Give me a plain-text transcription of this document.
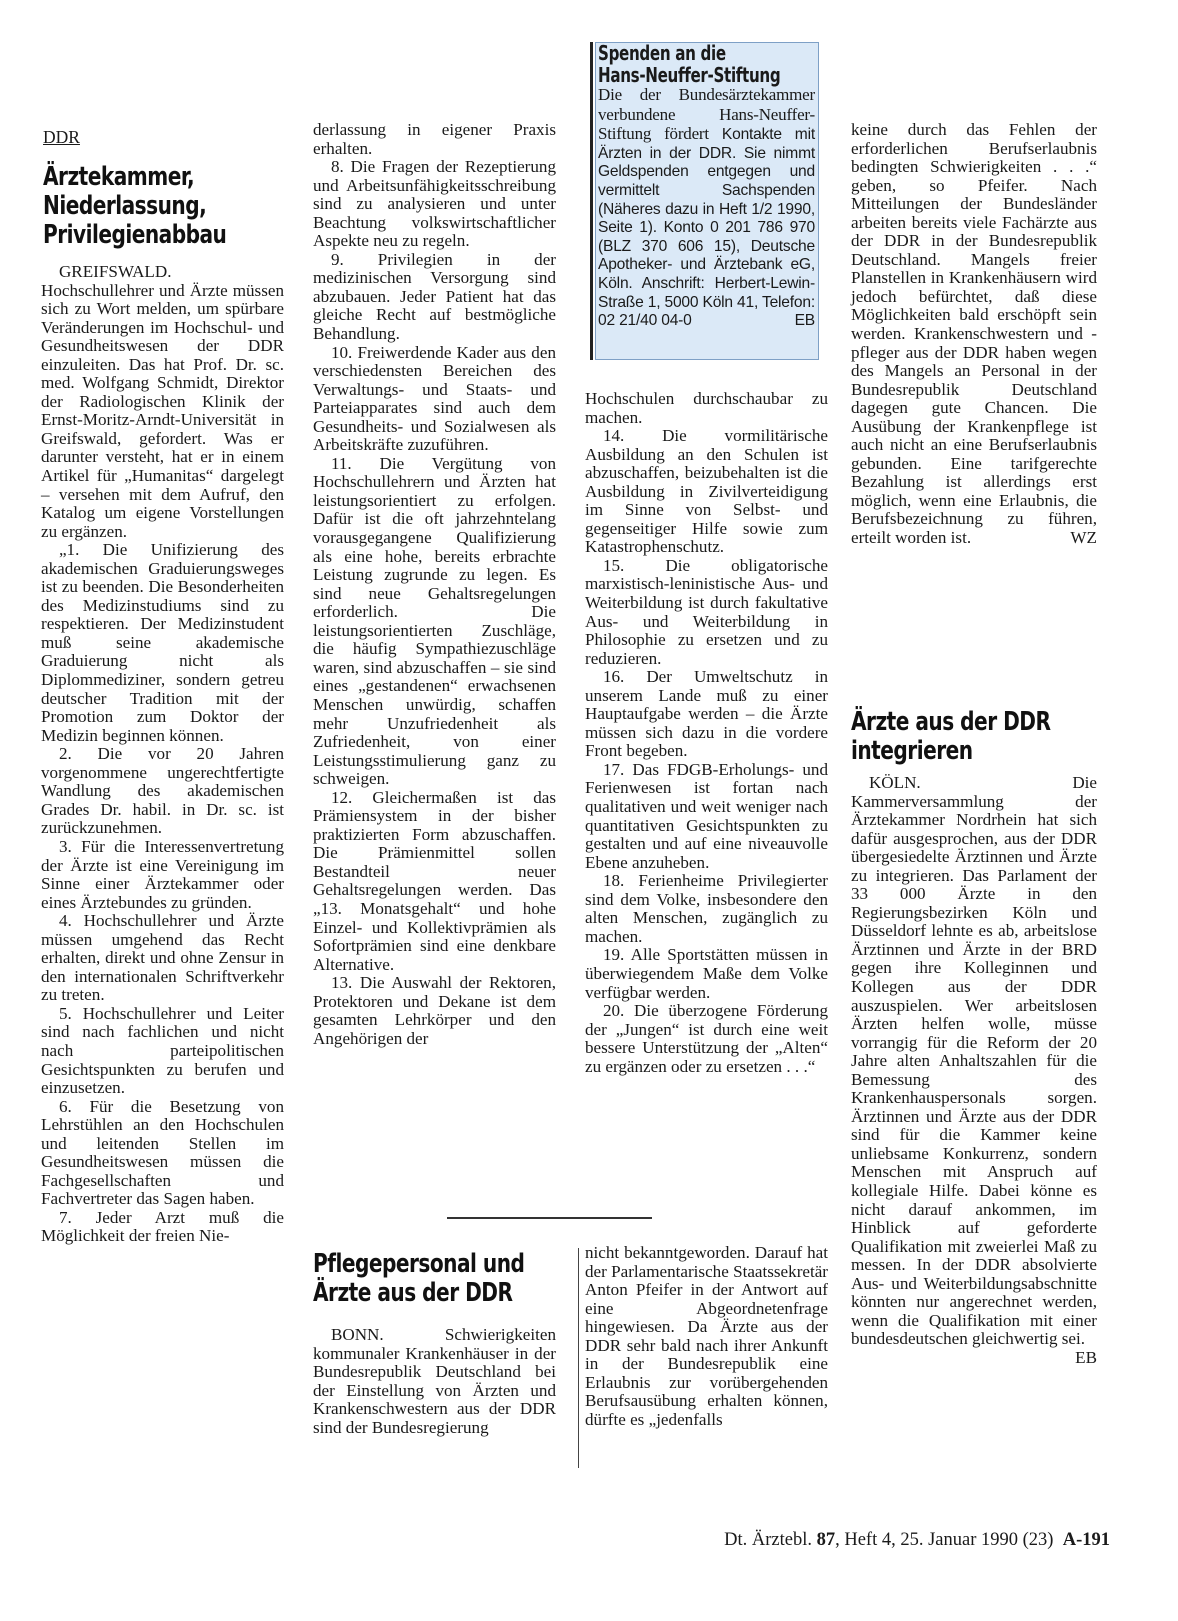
DDR
Ärztekammer,
Niederlassung,
Privilegienabbau

GREIFSWALD. Hochschullehrer und Ärzte müssen sich zu Wort melden, um spürbare Veränderungen im Hochschul- und Gesundheitswesen der DDR einzuleiten. Das hat Prof. Dr. sc. med. Wolfgang Schmidt, Direktor der Radiologischen Klinik der Ernst-Moritz-Arndt-Universität in Greifswald, gefordert. Was er darunter versteht, hat er in einem Artikel für „Humanitas“ dargelegt – versehen mit dem Aufruf, den Katalog um eigene Vorstellungen zu ergänzen.

„1. Die Unifizierung des akademischen Graduierungsweges ist zu beenden. Die Besonderheiten des Medizinstudiums sind zu respektieren. Der Medizinstudent muß seine akademische Graduierung nicht als Diplommediziner, sondern getreu deutscher Tradition mit der Promotion zum Doktor der Medizin beginnen können.

2. Die vor 20 Jahren vorgenommene ungerechtfertigte Wandlung des akademischen Grades Dr. habil. in Dr. sc. ist zurückzunehmen.

3. Für die Interessenvertretung der Ärzte ist eine Vereinigung im Sinne einer Ärztekammer oder eines Ärztebundes zu gründen.

4. Hochschullehrer und Ärzte müssen umgehend das Recht erhalten, direkt und ohne Zensur in den internationalen Schriftverkehr zu treten.

5. Hochschullehrer und Leiter sind nach fachlichen und nicht nach parteipolitischen Gesichtspunkten zu berufen und einzusetzen.

6. Für die Besetzung von Lehrstühlen an den Hochschulen und leitenden Stellen im Gesundheitswesen müssen die Fachgesellschaften und Fachvertreter das Sagen haben.

7. Jeder Arzt muß die Möglichkeit der freien Nie-

derlassung in eigener Praxis erhalten.

8. Die Fragen der Rezeptierung und Arbeitsunfähigkeitsschreibung sind zu analysieren und unter Beachtung volkswirtschaftlicher Aspekte neu zu regeln.

9. Privilegien in der medizinischen Versorgung sind abzubauen. Jeder Patient hat das gleiche Recht auf bestmögliche Behandlung.

10. Freiwerdende Kader aus den verschiedensten Bereichen des Verwaltungs- und Staats- und Parteiapparates sind auch dem Gesundheits- und Sozialwesen als Arbeitskräfte zuzuführen.

11. Die Vergütung von Hochschullehrern und Ärzten hat leistungsorientiert zu erfolgen. Dafür ist die oft jahrzehntelang vorausgegangene Qualifizierung als eine hohe, bereits erbrachte Leistung zugrunde zu legen. Es sind neue Gehaltsregelungen erforderlich. Die leistungsorientierten Zuschläge, die häufig Sympathiezuschläge waren, sind abzuschaffen – sie sind eines „gestandenen“ erwachsenen Menschen unwürdig, schaffen mehr Unzufriedenheit als Zufriedenheit, von einer Leistungsstimulierung ganz zu schweigen.

12. Gleichermaßen ist das Prämiensystem in der bisher praktizierten Form abzuschaffen. Die Prämienmittel sollen Bestandteil neuer Gehaltsregelungen werden. Das „13. Monatsgehalt“ und hohe Einzel- und Kollektivprämien als Sofortprämien sind eine denkbare Alternative.

13. Die Auswahl der Rektoren, Protektoren und Dekane ist dem gesamten Lehrkörper und den Angehörigen der

Spenden an die
Hans-Neuffer-Stiftung

Die der Bundesärztekammer verbundene Hans-Neuffer-Stiftung fördert Kontakte mit Ärzten in der DDR. Sie nimmt Geldspenden entgegen und vermittelt Sachspenden (Näheres dazu in Heft 1/2 1990, Seite 1). Konto 0 201 786 970 (BLZ 370 606 15), Deutsche Apotheker- und Ärztebank eG, Köln. Anschrift: Herbert-Lewin-Straße 1, 5000 Köln 41, Telefon: 02 21/40 04-0	EB

Hochschulen durchschaubar zu machen.

14. Die vormilitärische Ausbildung an den Schulen ist abzuschaffen, beizubehalten ist die Ausbildung in Zivilverteidigung im Sinne von Selbst- und gegenseitiger Hilfe sowie zum Katastrophenschutz.

15. Die obligatorische marxistisch-leninistische Aus- und Weiterbildung ist durch fakultative Aus- und Weiterbildung in Philosophie zu ersetzen und zu reduzieren.

16. Der Umweltschutz in unserem Lande muß zu einer Hauptaufgabe werden – die Ärzte müssen sich dazu in die vordere Front begeben.

17. Das FDGB-Erholungs- und Ferienwesen ist fortan nach qualitativen und weit weniger nach quantitativen Gesichtspunkten zu gestalten und auf eine niveauvolle Ebene anzuheben.

18. Ferienheime Privilegierter sind dem Volke, insbesondere den alten Menschen, zugänglich zu machen.

19. Alle Sportstätten müssen in überwiegendem Maße dem Volke verfügbar werden.

20. Die überzogene Förderung der „Jungen“ ist durch eine weit bessere Unterstützung der „Alten“ zu ergänzen oder zu ersetzen . . .“

keine durch das Fehlen der erforderlichen Berufserlaubnis bedingten Schwierigkeiten . . .“ geben, so Pfeifer. Nach Mitteilungen der Bundesländer arbeiten bereits viele Fachärzte aus der DDR in der Bundesrepublik Deutschland. Mangels freier Planstellen in Krankenhäusern wird jedoch befürchtet, daß diese Möglichkeiten bald erschöpft sein werden. Krankenschwestern und -pfleger aus der DDR haben wegen des Mangels an Personal in der Bundesrepublik Deutschland dagegen gute Chancen. Die Ausübung der Krankenpflege ist auch nicht an eine Berufserlaubnis gebunden. Eine tarifgerechte Bezahlung ist allerdings erst möglich, wenn eine Erlaubnis, die Berufsbezeichnung zu führen, erteilt worden ist.	WZ

Pflegepersonal und
Ärzte aus der DDR

BONN. Schwierigkeiten kommunaler Krankenhäuser in der Bundesrepublik Deutschland bei der Einstellung von Ärzten und Krankenschwestern aus der DDR sind der Bundesregierung

nicht bekanntgeworden. Darauf hat der Parlamentarische Staatssekretär Anton Pfeifer in der Antwort auf eine Abgeordnetenfrage hingewiesen. Da Ärzte aus der DDR sehr bald nach ihrer Ankunft in der Bundesrepublik eine Erlaubnis zur vorübergehenden Berufsausübung erhalten können, dürfte es „jedenfalls

Ärzte aus der DDR
integrieren

KÖLN. Die Kammerversammlung der Ärztekammer Nordrhein hat sich dafür ausgesprochen, aus der DDR übergesiedelte Ärztinnen und Ärzte zu integrieren. Das Parlament der 33 000 Ärzte in den Regierungsbezirken Köln und Düsseldorf lehnte es ab, arbeitslose Ärztinnen und Ärzte in der BRD gegen ihre Kolleginnen und Kollegen aus der DDR auszuspielen. Wer arbeitslosen Ärzten helfen wolle, müsse vorrangig für die Reform der 20 Jahre alten Anhaltszahlen für die Bemessung des Krankenhauspersonals sorgen. Ärztinnen und Ärzte aus der DDR sind für die Kammer keine unliebsame Konkurrenz, sondern Menschen mit Anspruch auf kollegiale Hilfe. Dabei könne es nicht darauf ankommen, im Hinblick auf geforderte Qualifikation mit zweierlei Maß zu messen. In der DDR absolvierte Aus- und Weiterbildungsabschnitte könnten nur angerechnet werden, wenn die Qualifikation mit einer bundesdeutschen gleichwertig sei.
EB

Dt. Ärztebl. 87, Heft 4, 25. Januar 1990 (23) A-191
